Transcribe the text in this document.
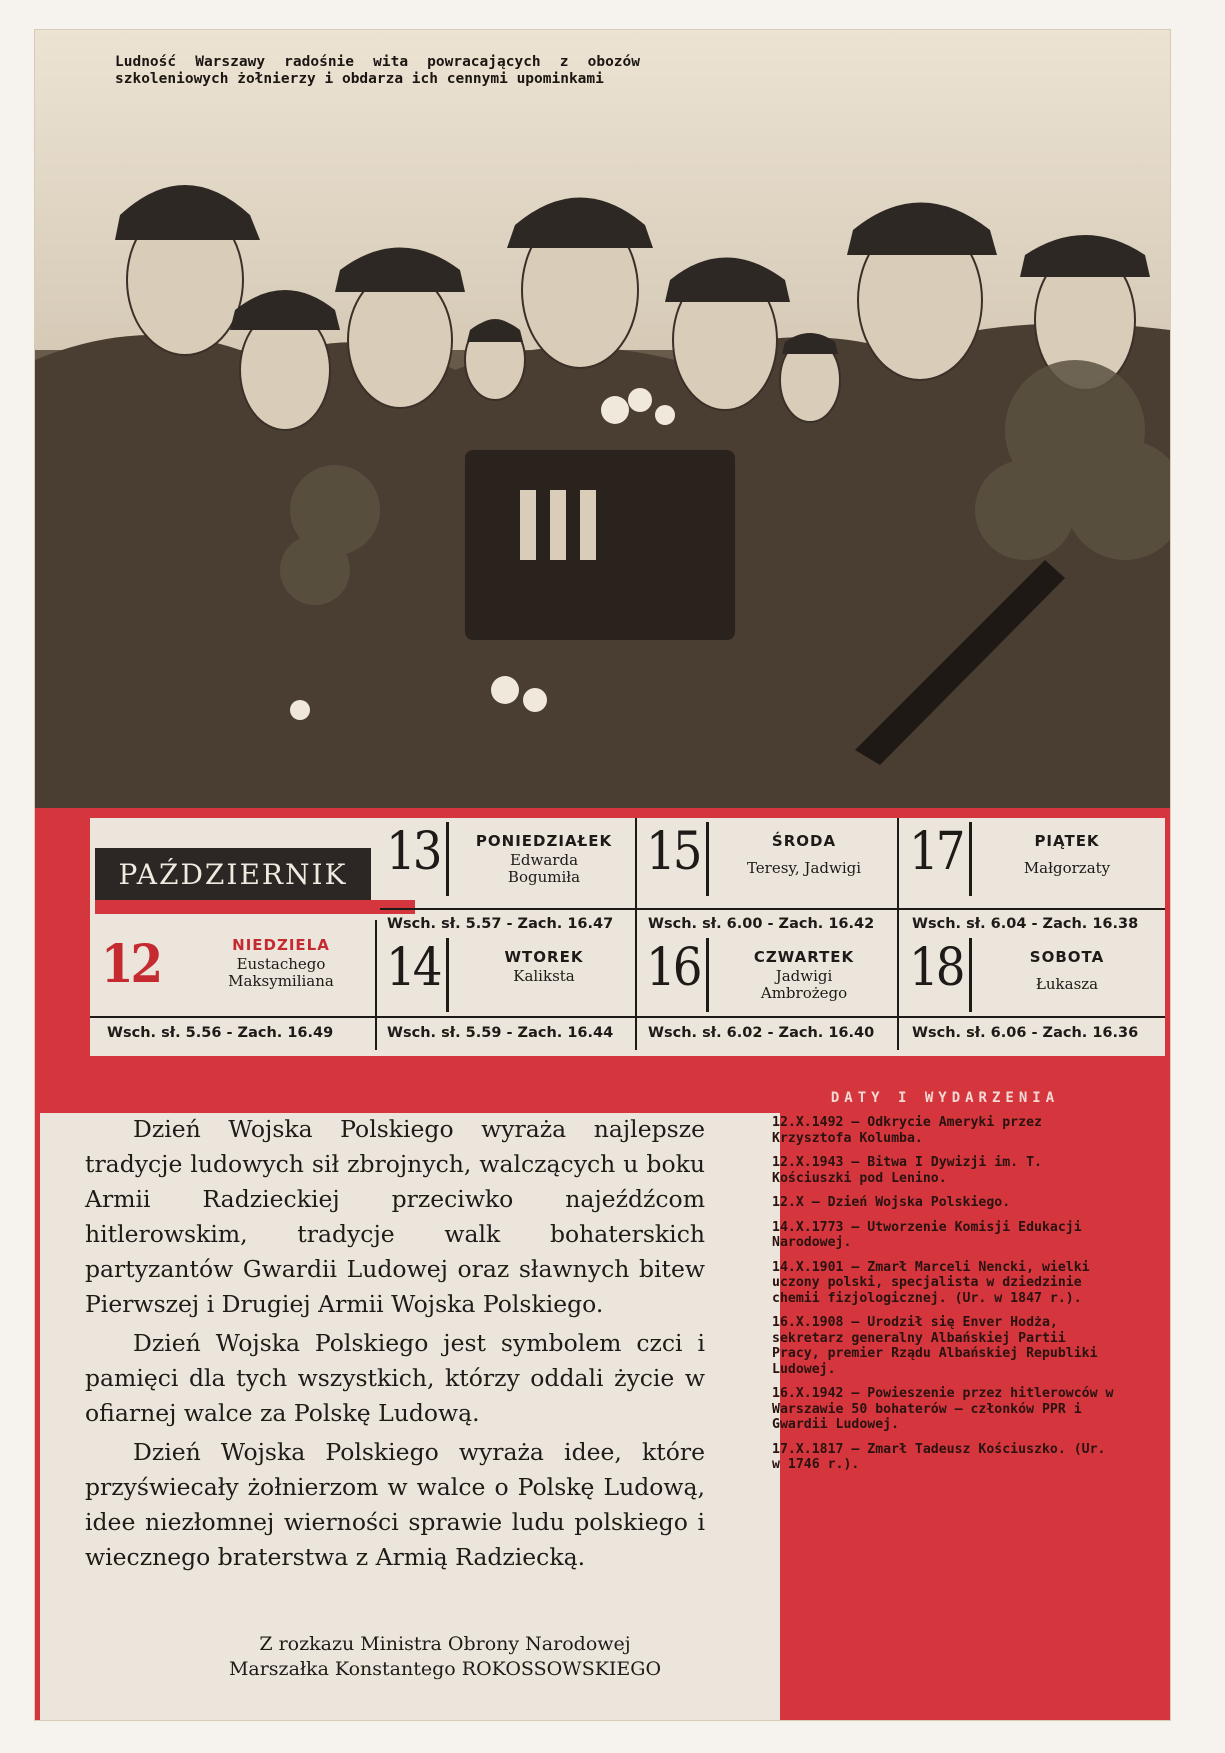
Ludność Warszawy radośnie wita powracających z obozów szkoleniowych żołnierzy i obdarza ich cennymi upominkami
PAŹDZIERNIK
12	NIEDZIELA
Eustachego
Maksymiliana
Wsch. sł. 5.56 - Zach. 16.49
13	PONIEDZIAŁEK
Edwarda
Bogumiła
Wsch. sł. 5.57 - Zach. 16.47
14	WTOREK
Kaliksta
Wsch. sł. 5.59 - Zach. 16.44
15	ŚRODA
Teresy, Jadwigi
Wsch. sł. 6.00 - Zach. 16.42
16	CZWARTEK
Jadwigi
Ambrożego
Wsch. sł. 6.02 - Zach. 16.40
17	PIĄTEK
Małgorzaty
Wsch. sł. 6.04 - Zach. 16.38
18	SOBOTA
Łukasza
Wsch. sł. 6.06 - Zach. 16.36

Dzień Wojska Polskiego wyraża najlepsze tradycje ludowych sił zbrojnych, walczących u boku Armii Radzieckiej przeciwko najeźdźcom hitlerowskim, tradycje walk bohaterskich partyzantów Gwardii Ludowej oraz sławnych bitew Pierwszej i Drugiej Armii Wojska Polskiego.

Dzień Wojska Polskiego jest symbolem czci i pamięci dla tych wszystkich, którzy oddali życie w ofiarnej walce za Polskę Ludową.

Dzień Wojska Polskiego wyraża idee, które przyświecały żołnierzom w walce o Polskę Ludową, idee niezłomnej wierności sprawie ludu polskiego i wiecznego braterstwa z Armią Radziecką.

Z rozkazu Ministra Obrony Narodowej
Marszałka Konstantego ROKOSSOWSKIEGO
DATY I WYDARZENIA
12.X.1492 — Odkrycie Ameryki przez Krzysztofa Kolumba.
12.X.1943 — Bitwa I Dywizji im. T. Kościuszki pod Lenino.
12.X — Dzień Wojska Polskiego.
14.X.1773 — Utworzenie Komisji Edukacji Narodowej.
14.X.1901 — Zmarł Marceli Nencki, wielki uczony polski, specjalista w dziedzinie chemii fizjologicznej. (Ur. w 1847 r.).
16.X.1908 — Urodził się Enver Hodża, sekretarz generalny Albańskiej Partii Pracy, premier Rządu Albańskiej Republiki Ludowej.
16.X.1942 — Powieszenie przez hitlerowców w Warszawie 50 bohaterów — członków PPR i Gwardii Ludowej.
17.X.1817 — Zmarł Tadeusz Kościuszko. (Ur. w 1746 r.).
